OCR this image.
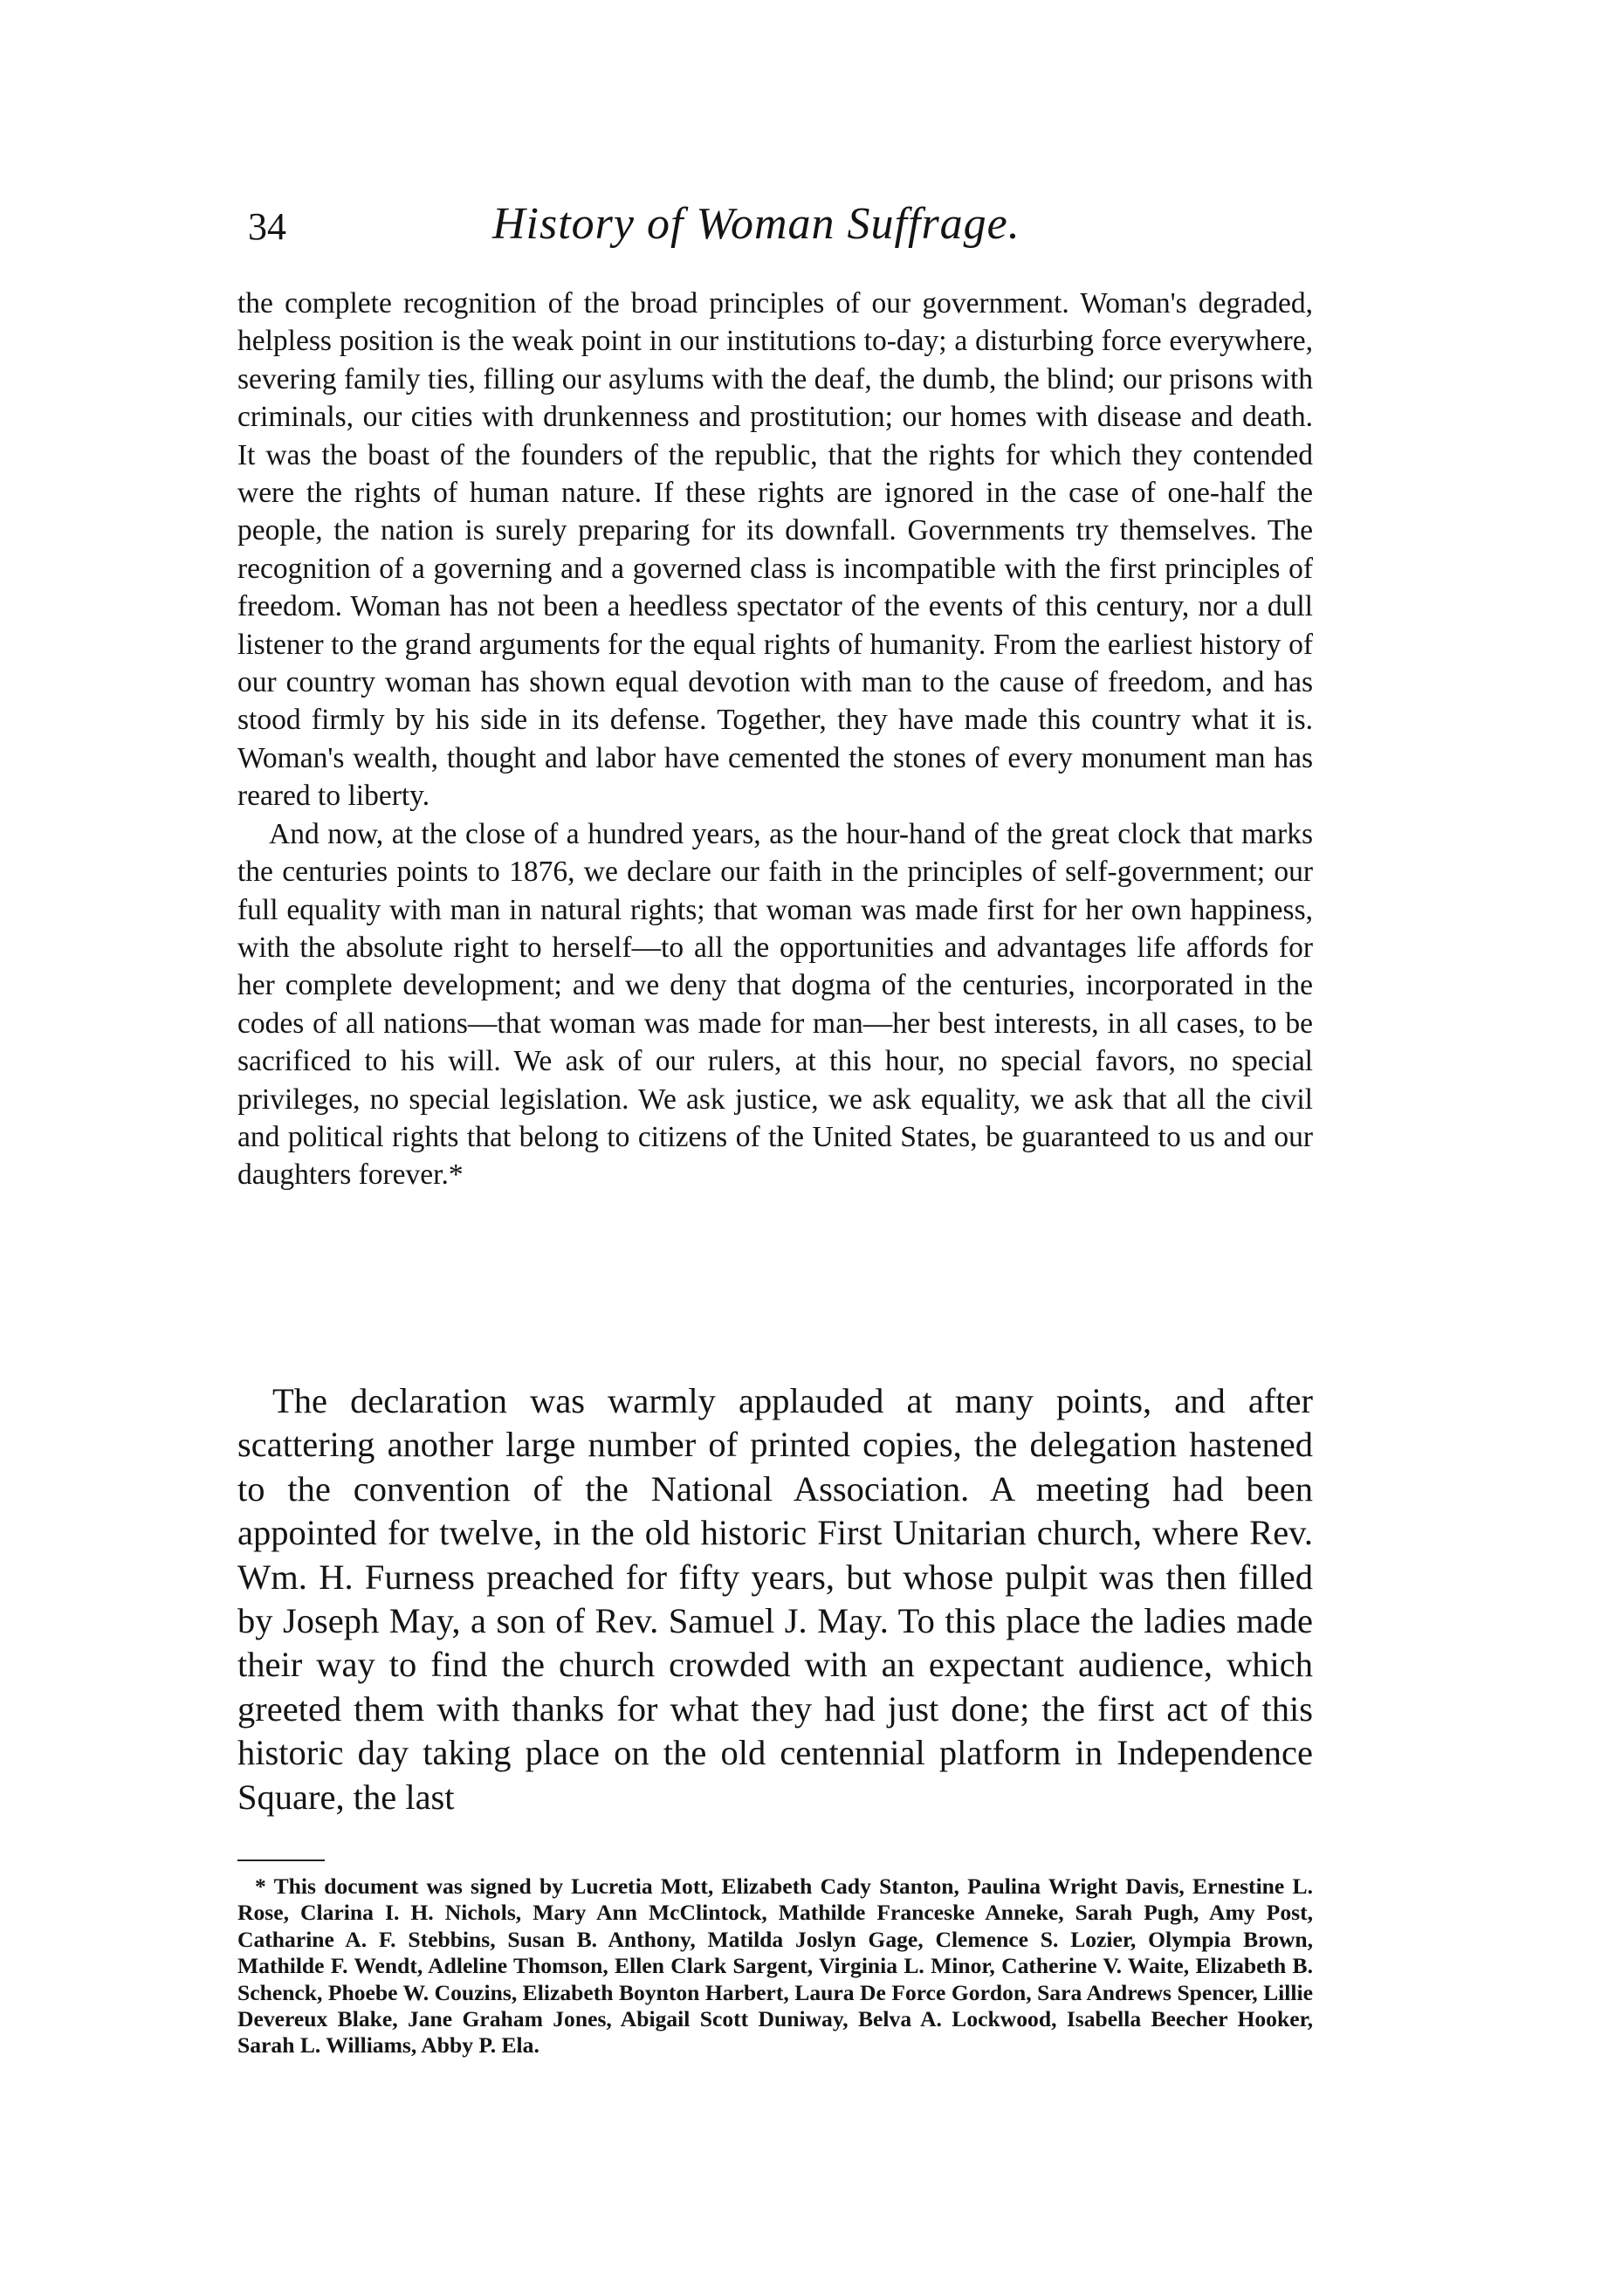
34	History of Woman Suffrage.

the complete recognition of the broad principles of our government. Woman's degraded, helpless position is the weak point in our institutions to-day; a disturbing force everywhere, severing family ties, filling our asylums with the deaf, the dumb, the blind; our prisons with criminals, our cities with drunkenness and prostitution; our homes with disease and death. It was the boast of the founders of the republic, that the rights for which they contended were the rights of human nature. If these rights are ignored in the case of one-half the people, the nation is surely preparing for its downfall. Governments try themselves. The recognition of a governing and a governed class is incompatible with the first principles of freedom. Woman has not been a heedless spectator of the events of this century, nor a dull listener to the grand arguments for the equal rights of humanity. From the earliest history of our country woman has shown equal devotion with man to the cause of freedom, and has stood firmly by his side in its defense. Together, they have made this country what it is. Woman's wealth, thought and labor have cemented the stones of every monument man has reared to liberty.

And now, at the close of a hundred years, as the hour-hand of the great clock that marks the centuries points to 1876, we declare our faith in the principles of self-government; our full equality with man in natural rights; that woman was made first for her own happiness, with the absolute right to herself—to all the opportunities and advantages life affords for her complete development; and we deny that dogma of the centuries, incorporated in the codes of all nations—that woman was made for man—her best interests, in all cases, to be sacrificed to his will. We ask of our rulers, at this hour, no special favors, no special privileges, no special legislation. We ask justice, we ask equality, we ask that all the civil and political rights that belong to citizens of the United States, be guaranteed to us and our daughters forever.*

The declaration was warmly applauded at many points, and after scattering another large number of printed copies, the delegation hastened to the convention of the National Association. A meeting had been appointed for twelve, in the old historic First Unitarian church, where Rev. Wm. H. Furness preached for fifty years, but whose pulpit was then filled by Joseph May, a son of Rev. Samuel J. May. To this place the ladies made their way to find the church crowded with an expectant audience, which greeted them with thanks for what they had just done; the first act of this historic day taking place on the old centennial platform in Independence Square, the last

* This document was signed by Lucretia Mott, Elizabeth Cady Stanton, Paulina Wright Davis, Ernestine L. Rose, Clarina I. H. Nichols, Mary Ann McClintock, Mathilde Franceske Anneke, Sarah Pugh, Amy Post, Catharine A. F. Stebbins, Susan B. Anthony, Matilda Joslyn Gage, Clemence S. Lozier, Olympia Brown, Mathilde F. Wendt, Adleline Thomson, Ellen Clark Sargent, Virginia L. Minor, Catherine V. Waite, Elizabeth B. Schenck, Phoebe W. Couzins, Elizabeth Boynton Harbert, Laura De Force Gordon, Sara Andrews Spencer, Lillie Devereux Blake, Jane Graham Jones, Abigail Scott Duniway, Belva A. Lockwood, Isabella Beecher Hooker, Sarah L. Williams, Abby P. Ela.
